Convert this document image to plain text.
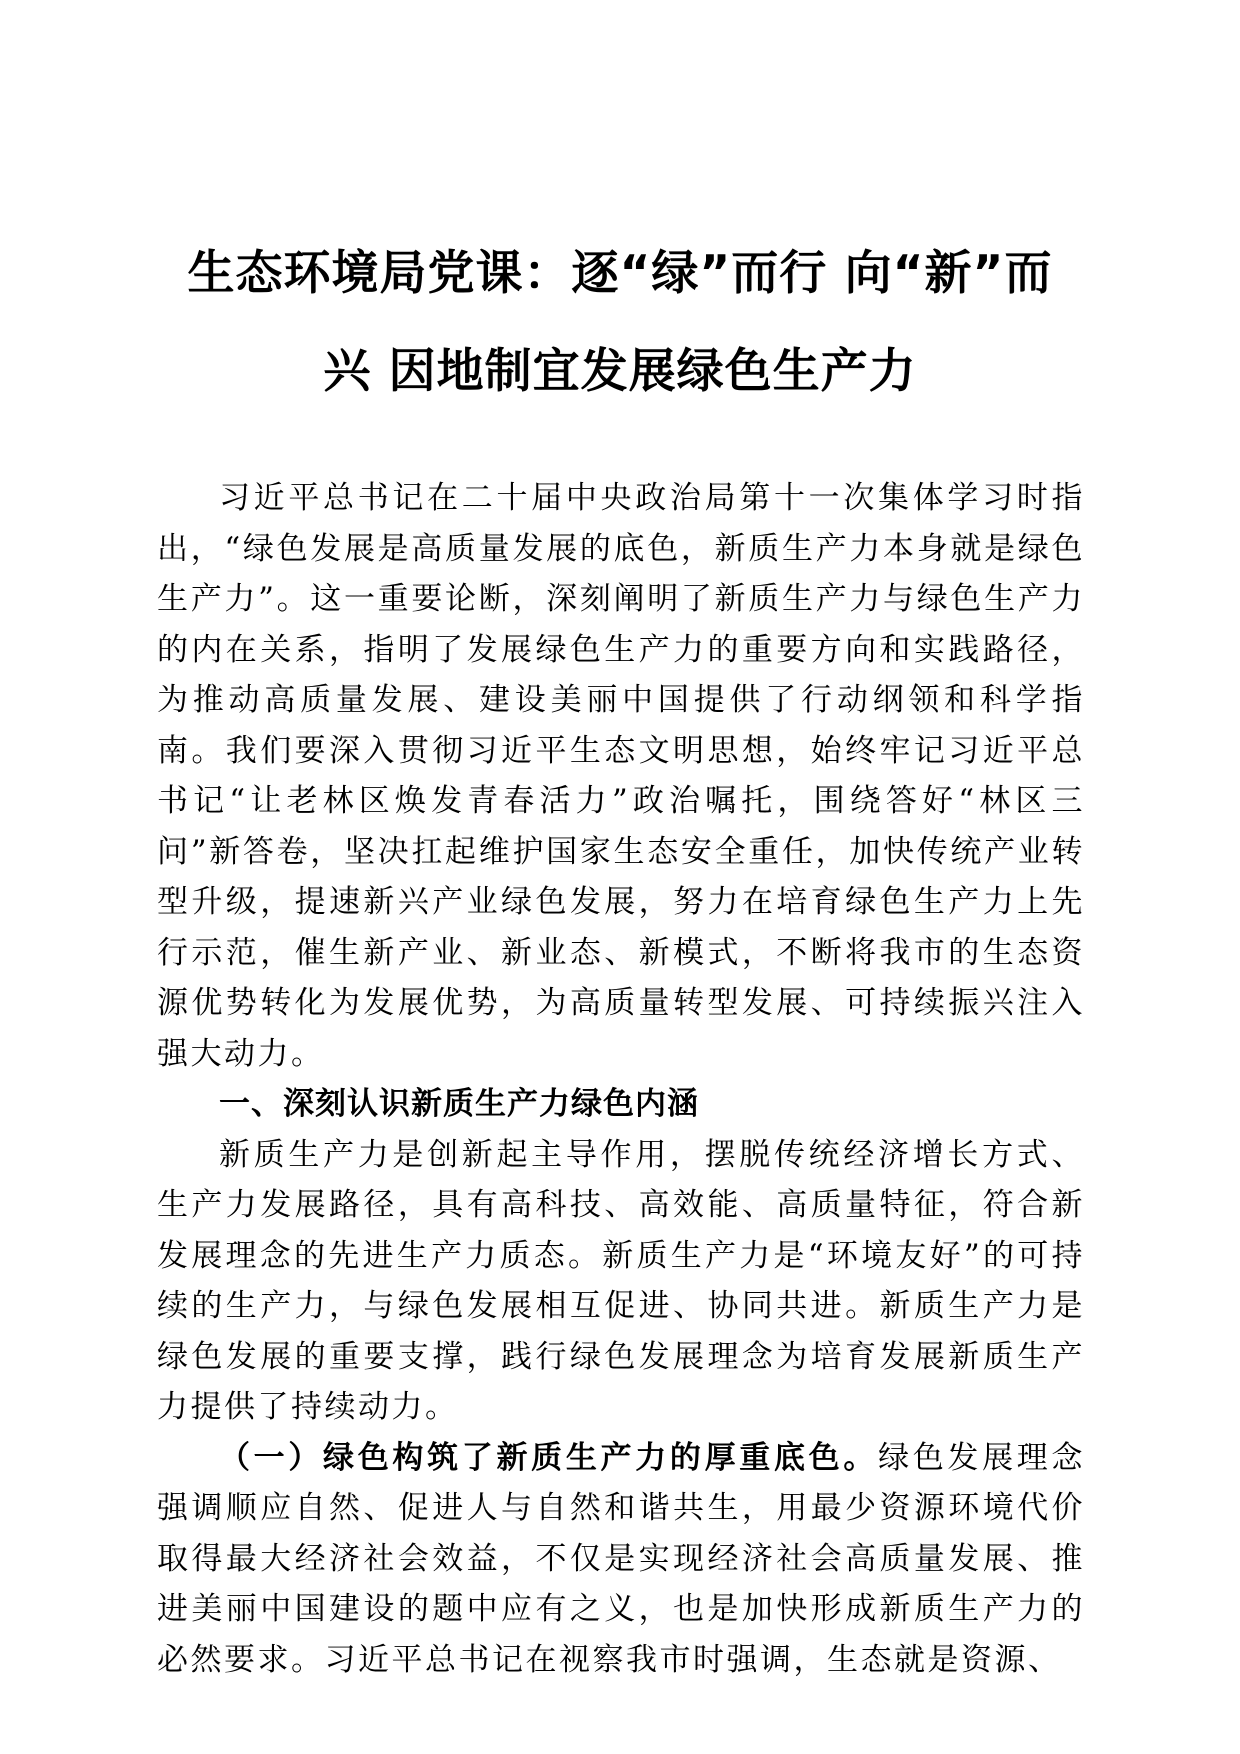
生态环境局党课：逐“绿”而行 向“新”而
兴 因地制宜发展绿色生产力

习近平总书记在二十届中央政治局第十一次集体学习时指出，“绿色发展是高质量发展的底色，新质生产力本身就是绿色生产力”。这一重要论断，深刻阐明了新质生产力与绿色生产力的内在关系，指明了发展绿色生产力的重要方向和实践路径，为推动高质量发展、建设美丽中国提供了行动纲领和科学指南。我们要深入贯彻习近平生态文明思想，始终牢记习近平总书记“让老林区焕发青春活力”政治嘱托，围绕答好“林区三问”新答卷，坚决扛起维护国家生态安全重任，加快传统产业转型升级，提速新兴产业绿色发展，努力在培育绿色生产力上先行示范，催生新产业、新业态、新模式，不断将我市的生态资源优势转化为发展优势，为高质量转型发展、可持续振兴注入强大动力。

一、深刻认识新质生产力绿色内涵

新质生产力是创新起主导作用，摆脱传统经济增长方式、生产力发展路径，具有高科技、高效能、高质量特征，符合新发展理念的先进生产力质态。新质生产力是“环境友好”的可持续的生产力，与绿色发展相互促进、协同共进。新质生产力是绿色发展的重要支撑，践行绿色发展理念为培育发展新质生产力提供了持续动力。

（一）绿色构筑了新质生产力的厚重底色。绿色发展理念强调顺应自然、促进人与自然和谐共生，用最少资源环境代价取得最大经济社会效益，不仅是实现经济社会高质量发展、推进美丽中国建设的题中应有之义，也是加快形成新质生产力的必然要求。习近平总书记在视察我市时强调，生态就是资源、
